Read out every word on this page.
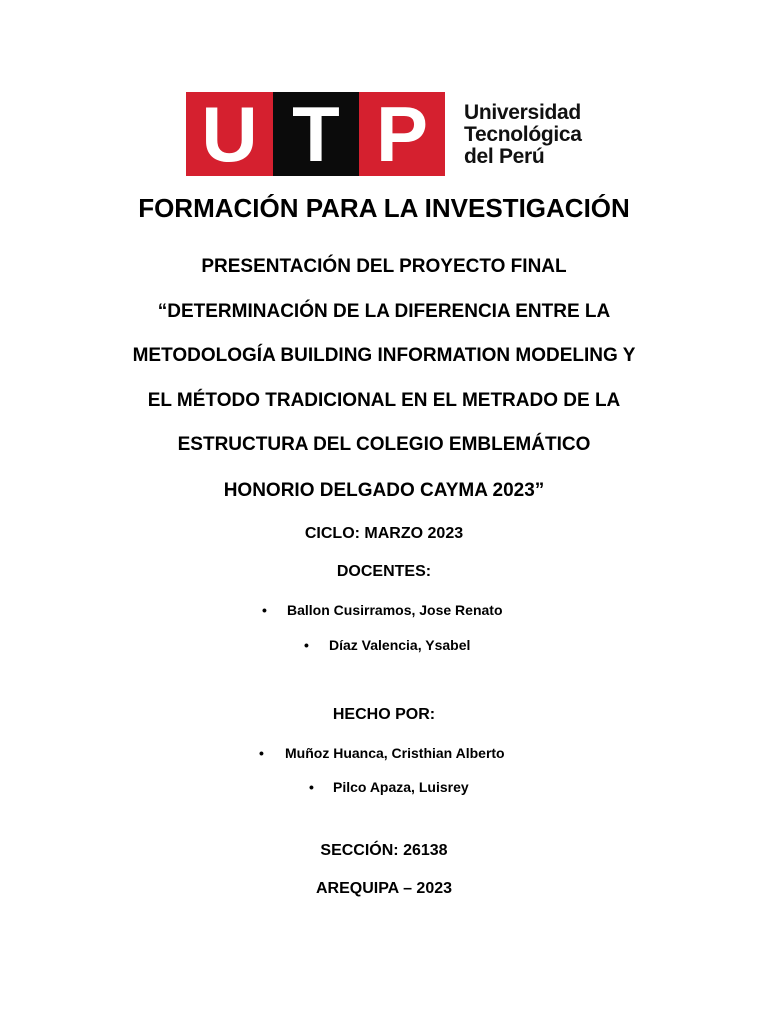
U T P Universidad
Tecnológica
del Perú
FORMACIÓN PARA LA INVESTIGACIÓN
PRESENTACIÓN DEL PROYECTO FINAL
“DETERMINACIÓN DE LA DIFERENCIA ENTRE LA
METODOLOGÍA BUILDING INFORMATION MODELING Y
EL MÉTODO TRADICIONAL EN EL METRADO DE LA
ESTRUCTURA DEL COLEGIO EMBLEMÁTICO
HONORIO DELGADO CAYMA 2023”
CICLO: MARZO 2023
DOCENTES:
• Ballon Cusirramos, Jose Renato
• Díaz Valencia, Ysabel
HECHO POR:
• Muñoz Huanca, Cristhian Alberto
• Pilco Apaza, Luisrey
SECCIÓN: 26138
AREQUIPA – 2023
